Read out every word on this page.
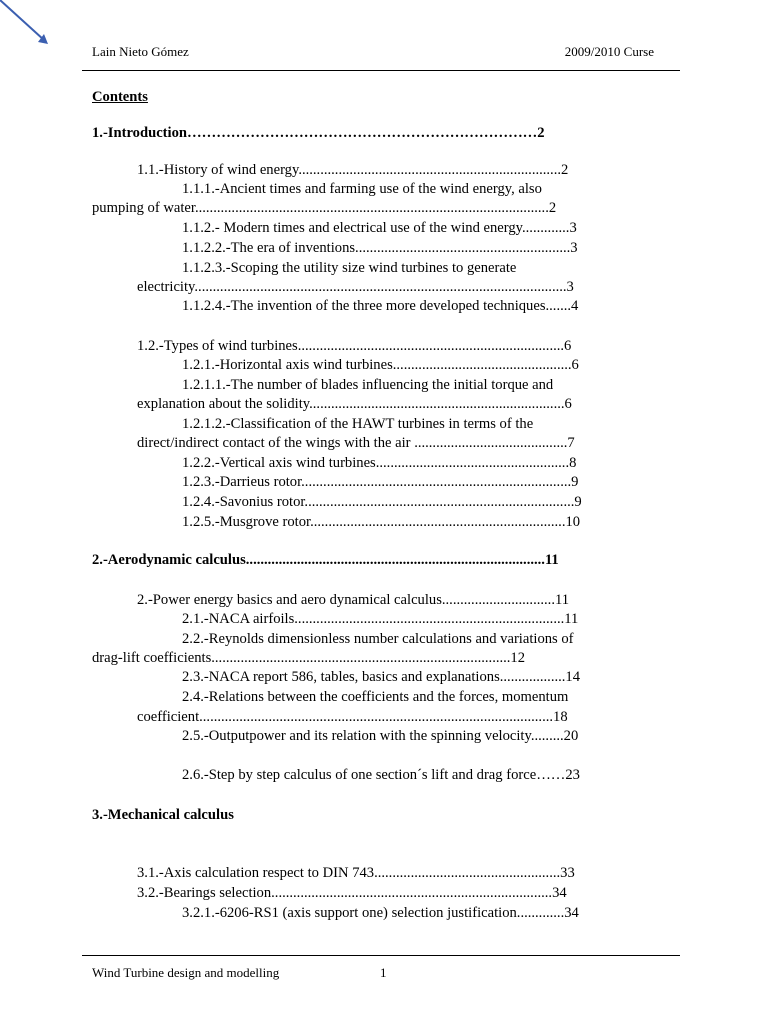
Lain Nieto Gómez	2009/2010 Curse
Contents
1.-Introduction………………………………………………………………2
1.1.-History of wind energy........................................................................2
1.1.1.-Ancient times and farming use of the wind energy, also
pumping of water.................................................................................................2
1.1.2.- Modern times and electrical use of the wind energy.............3
1.1.2.2.-The era of inventions...........................................................3
1.1.2.3.-Scoping the utility size wind turbines to generate
electricity......................................................................................................3
1.1.2.4.-The invention of the three more developed techniques.......4
1.2.-Types of wind turbines.........................................................................6
1.2.1.-Horizontal axis wind turbines.................................................6
1.2.1.1.-The number of blades influencing the initial torque and
explanation about the solidity......................................................................6
1.2.1.2.-Classification of the HAWT turbines in terms of the
direct/indirect contact of the wings with the air ..........................................7
1.2.2.-Vertical axis wind turbines.....................................................8
1.2.3.-Darrieus rotor..........................................................................9
1.2.4.-Savonius rotor..........................................................................9
1.2.5.-Musgrove rotor......................................................................10
2.-Aerodynamic calculus..................................................................................11
2.-Power energy basics and aero dynamical calculus...............................11
2.1.-NACA airfoils..........................................................................11
2.2.-Reynolds dimensionless number calculations and variations of
drag-lift coefficients..................................................................................12
2.3.-NACA report 586, tables, basics and explanations..................14
2.4.-Relations between the coefficients and the forces, momentum
coefficient.................................................................................................18
2.5.-Outputpower and its relation with the spinning velocity.........20
2.6.-Step by step calculus of one section´s lift and drag force……23
3.-Mechanical calculus
3.1.-Axis calculation respect to DIN 743...................................................33
3.2.-Bearings selection.............................................................................34
3.2.1.-6206-RS1 (axis support one) selection justification.............34
Wind Turbine design and modelling	1
